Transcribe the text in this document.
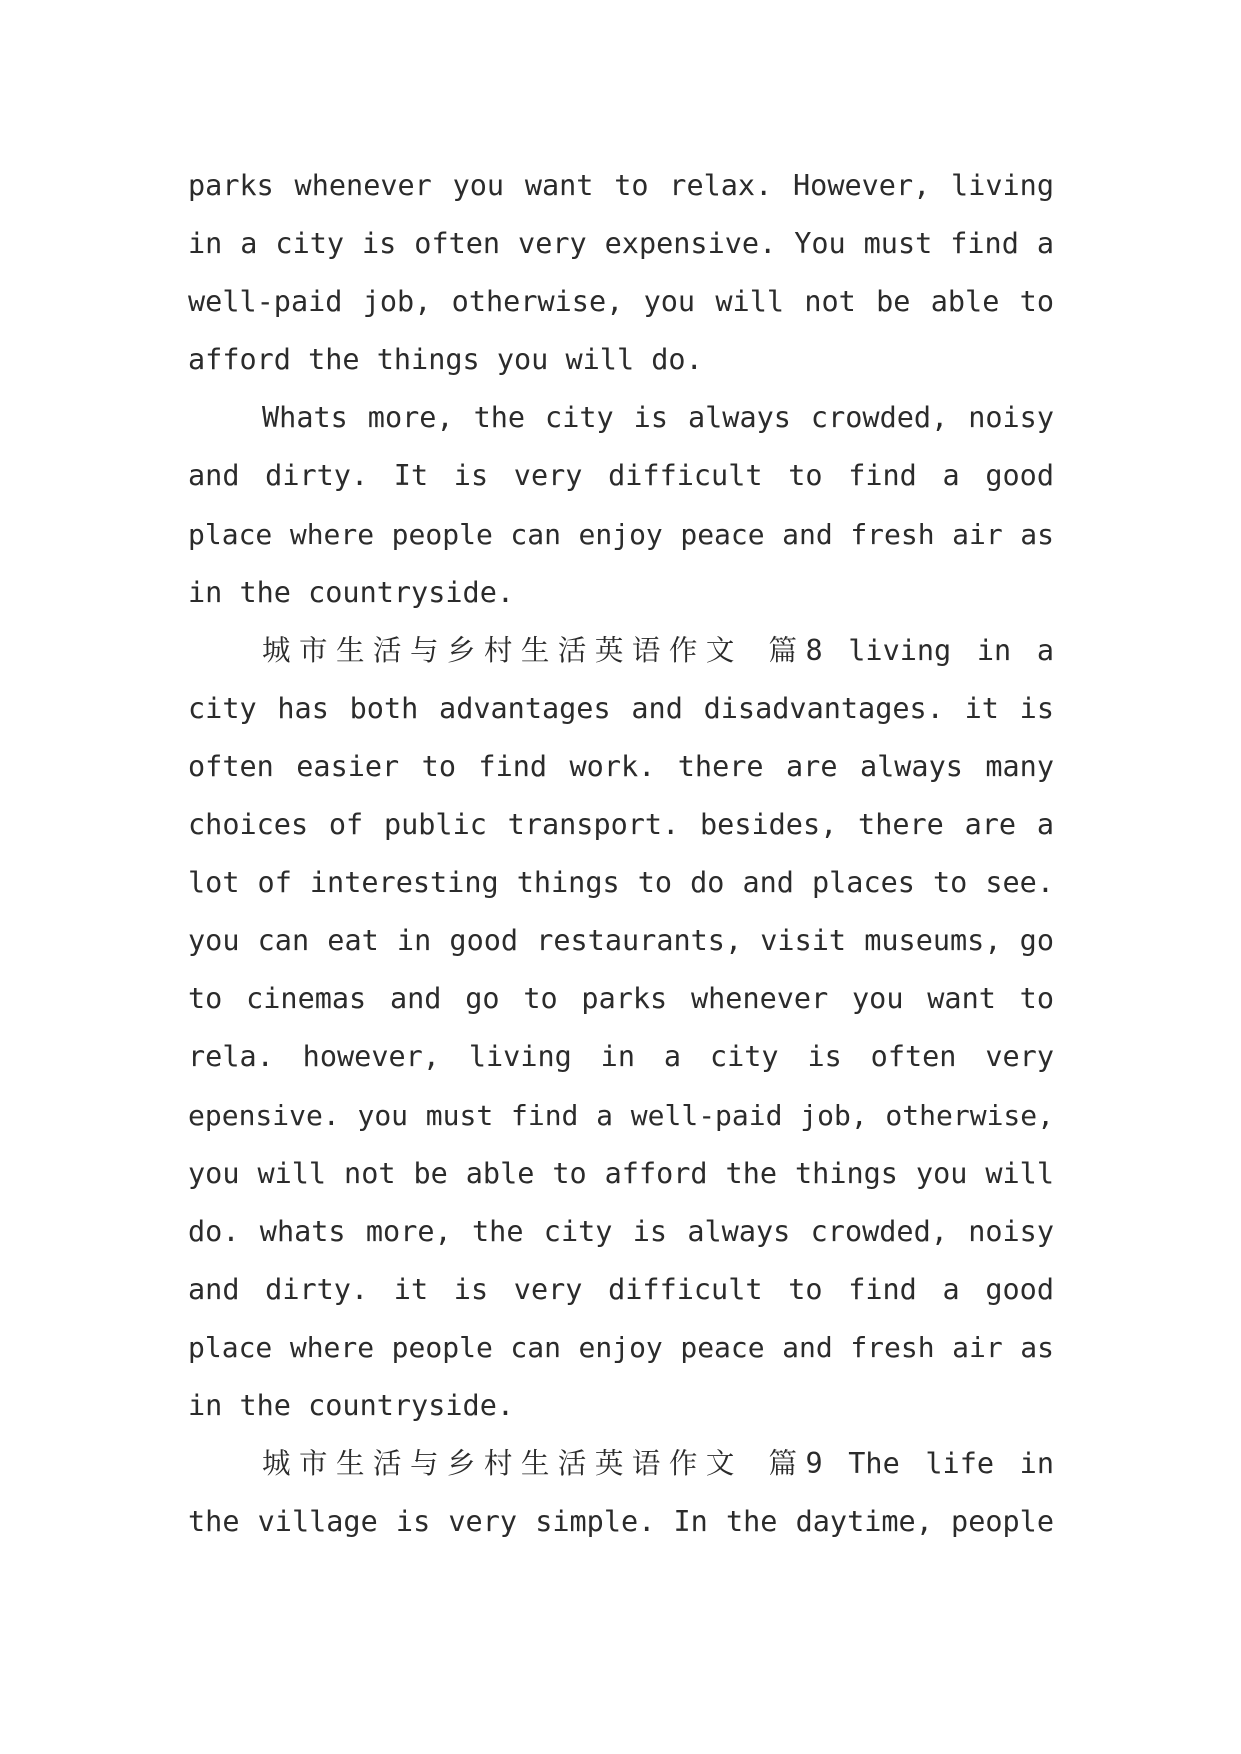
parks whenever you want to relax. However, living
in a city is often very expensive. You must find a
well-paid job, otherwise, you will not be able to
afford the things you will do.
Whats more, the city is always crowded, noisy
and dirty. It is very difficult to find a good
place where people can enjoy peace and fresh air as
in the countryside.
城市生活与乡村生活英语作文 篇8 living in a
city has both advantages and disadvantages. it is
often easier to find work. there are always many
choices of public transport. besides, there are a
lot of interesting things to do and places to see.
you can eat in good restaurants, visit museums, go
to cinemas and go to parks whenever you want to
rela. however, living in a city is often very
epensive. you must find a well-paid job, otherwise,
you will not be able to afford the things you will
do. whats more, the city is always crowded, noisy
and dirty. it is very difficult to find a good
place where people can enjoy peace and fresh air as
in the countryside.
城市生活与乡村生活英语作文 篇9 The life in
the village is very simple. In the daytime, people
